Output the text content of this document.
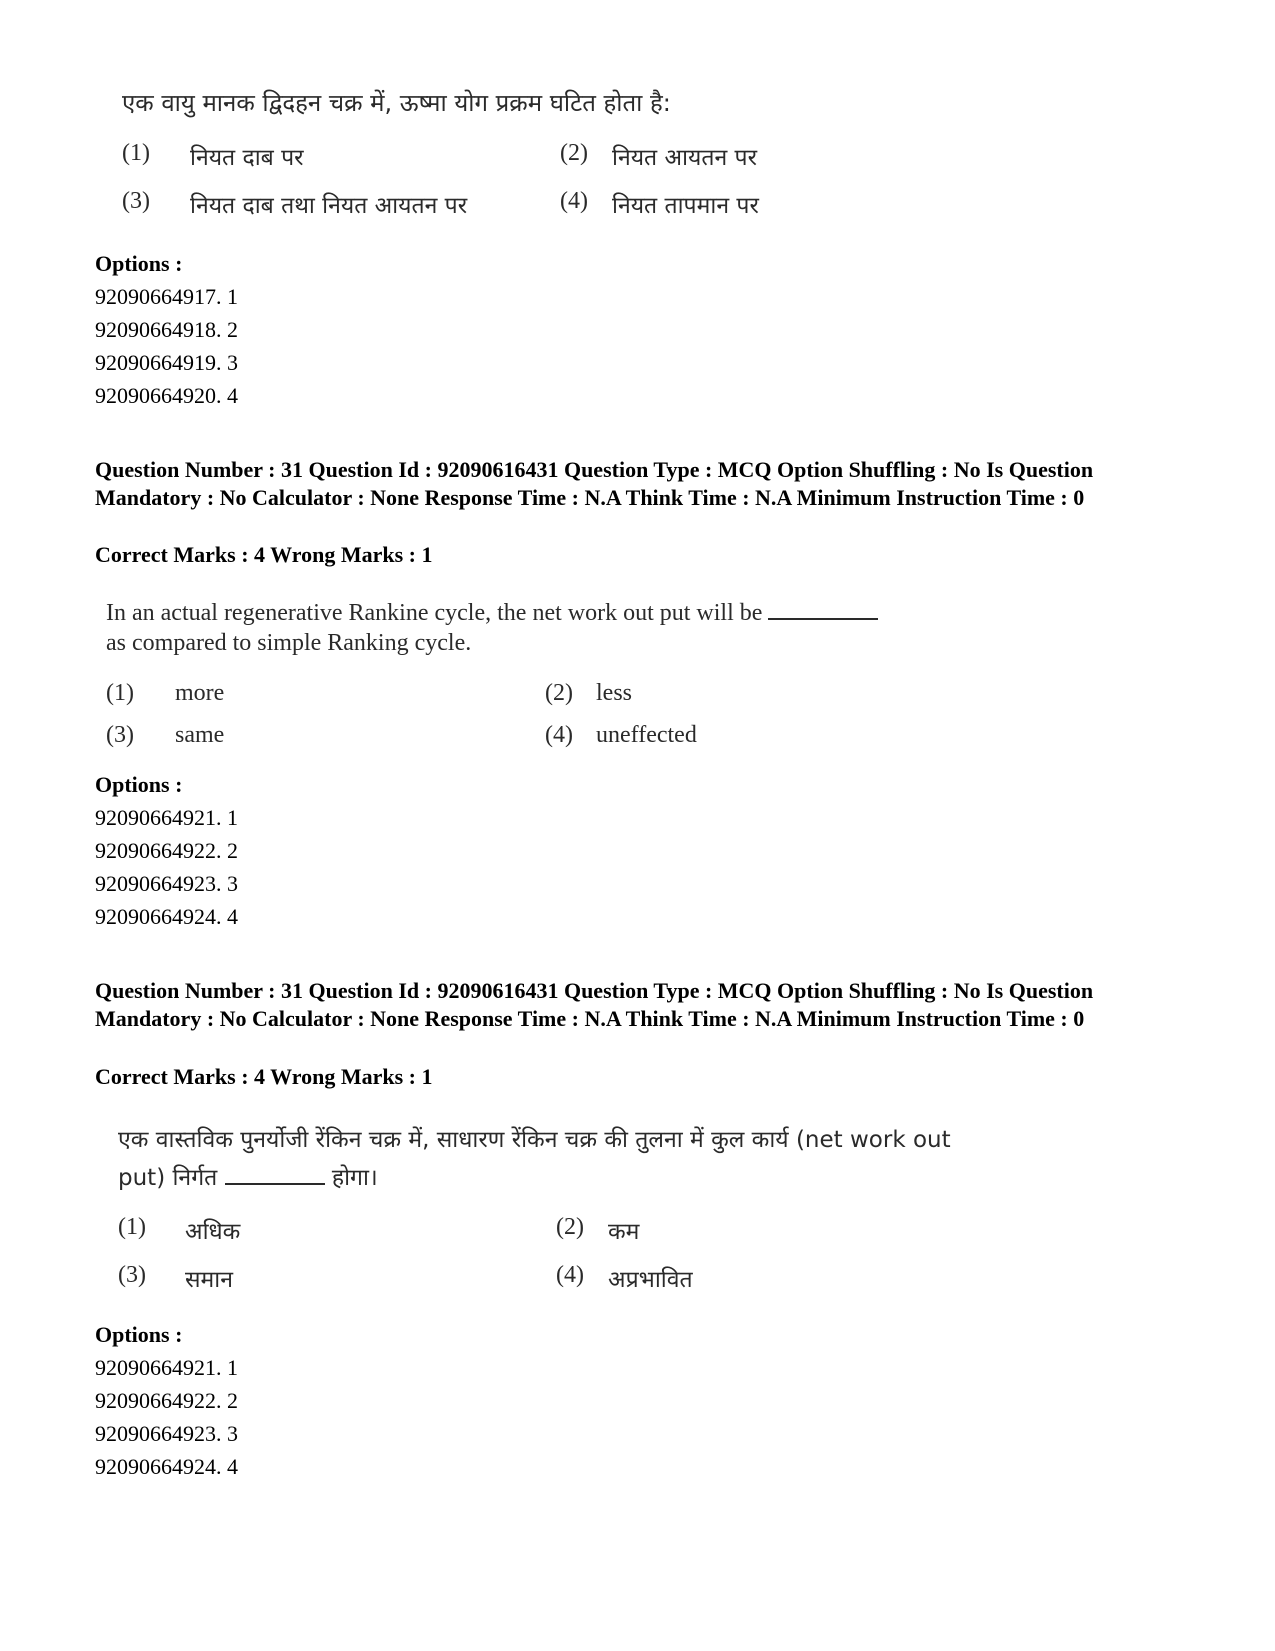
एक वायु मानक द्विदहन चक्र में, ऊष्मा योग प्रक्रम घटित होता है:
(1) नियत दाब पर	(2) नियत आयतन पर
(3) नियत दाब तथा नियत आयतन पर	(4) नियत तापमान पर
Options :
92090664917. 1
92090664918. 2
92090664919. 3
92090664920. 4
Question Number : 31 Question Id : 92090616431 Question Type : MCQ Option Shuffling : No Is Question Mandatory : No Calculator : None Response Time : N.A Think Time : N.A Minimum Instruction Time : 0
Correct Marks : 4 Wrong Marks : 1
In an actual regenerative Rankine cycle, the net work out put will be
as compared to simple Ranking cycle.
(1) more	(2) less
(3) same	(4) uneffected
Options :
92090664921. 1
92090664922. 2
92090664923. 3
92090664924. 4
Question Number : 31 Question Id : 92090616431 Question Type : MCQ Option Shuffling : No Is Question Mandatory : No Calculator : None Response Time : N.A Think Time : N.A Minimum Instruction Time : 0
Correct Marks : 4 Wrong Marks : 1
एक वास्तविक पुनर्योजी रेंकिन चक्र में, साधारण रेंकिन चक्र की तुलना में कुल कार्य (net work out
put) निर्गत	होगा।
(1) अधिक	(2) कम
(3) समान	(4) अप्रभावित
Options :
92090664921. 1
92090664922. 2
92090664923. 3
92090664924. 4
